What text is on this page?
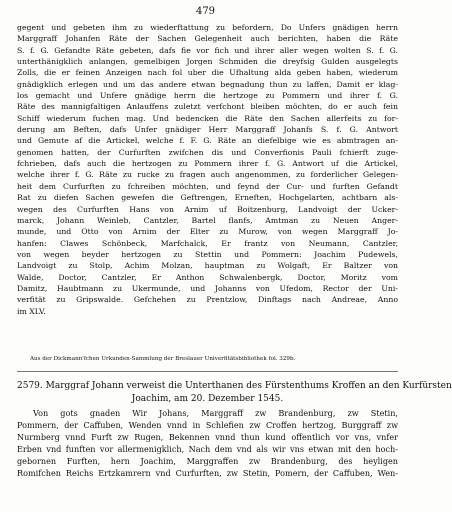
479
gegent und gebeten ihm zu wiederftattung zu befordern, Do Unfers gnädigen herrn
Marggraff Johanfen Räte der Sachen Gelegenheit auch berichten, haben die Räte
S. f. G. Gefandte Räte gebeten, dafs fie vor fich und ihrer aller wegen wolten S. f. G.
unterthänigklich anlangen, gemelbigen Jorgen Schmiden die dreyfsig Gulden ausgelegts
Zolls, die er feinen Anzeigen nach fol uber die Ufhaltung alda geben haben, wiederum
gnädigklich erlegen und um das andere etwan begnadung thun zu laffen, Damit er klag-
los gemacht und Unfere gnädige herrn die hertzoge zu Pommern und ihrer f. G.
Räte des mannigfaltigen Anlauffens zuletzt verfchont bleiben möchten, do er auch fein
Schiff wiederum fuchen mag. Und bedencken die Räte den Sachen allerfeits zu for-
derung am Beften, dafs Unfer gnädiger Herr Marggraff Johanfs S. f. G. Antwort
und Gemute af die Artickel, welche f. F. G. Räte an diefelbige wie es abmtragen an-
genomen hatten, der Curfurften zwifchen dis und Converfionis Pauli fchierft zuge-
fchrieben, dafs auch die hertzogen zu Pommern ihrer f. G. Antwort uf die Artickel,
welche ihrer f. G. Räte zu rucke zu fragen auch angenommen, zu forderlicher Gelegen-
heit dem Curfurften zu fchreiben möchten, und feynd der Cur- und furften Gefandt
Rat zu diefen Sachen gewefen die Geftrengen, Erneften, Hochgelarten, achtbarn als-
wegen des Curfurften Hans von Arnim uf Boitzenburg, Landvoigt der Ucker-
marck, Johann Weinleb, Cantzler, Bartel flanfs, Amtman zu Neuen Anger-
munde, und Otto von Arnim der Elter zu Murow, von wegen Marggraff Jo-
hanfen: Clawes Schönbeck, Marfchalck, Er frantz von Neumann, Cantzler,
von wegen beyder hertzogen zu Stettin und Pommern: Joachim Pudewels,
Landvoigt zu Stolp, Achim Molzan, hauptman zu Wolgaft, Er Baltzer von
Walde, Doctor, Cantzler, Er Anthon Schwalenbergk, Doctor, Moritz vom
Damitz, Haubtmann zu Ukermunde, und Johanns von Ufedom, Rector der Uni-
verfität zu Gripswalde. Gefchehen zu Prentzlow, Dinftags nach Andreae, Anno
im XLV.
Aus der Dickmann'fchen Urkunden-Sammlung der Breslauer Univerfitätsbibliothek fol. 329b.
2579. Marggraf Johann verweist die Unterthanen des Fürstenthums Kroffen an den Kurfürsten
Joachim, am 20. Dezember 1545.
Von gots gnaden Wir Johans, Marggraff zw Brandenburg, zw Stetin,
Pommern, der Caffuben, Wenden vnnd in Schlefien zw Croffen hertzog, Burggraff zw
Nurmberg vnnd Furft zw Rugen, Bekennen vnnd thun kund offentlich vor vns, vnfer
Erben vnd funften vor allermenigklich, Nach dem vnd als wir vns etwan mit den hoch-
gebornen Furften, hern Joachim, Marggraffen zw Brandenburg, des heyligen
Romifchen Reichs Ertzkamrern vnd Curfurften, zw Stetin, Pomern, der Caffuben, Wen-
